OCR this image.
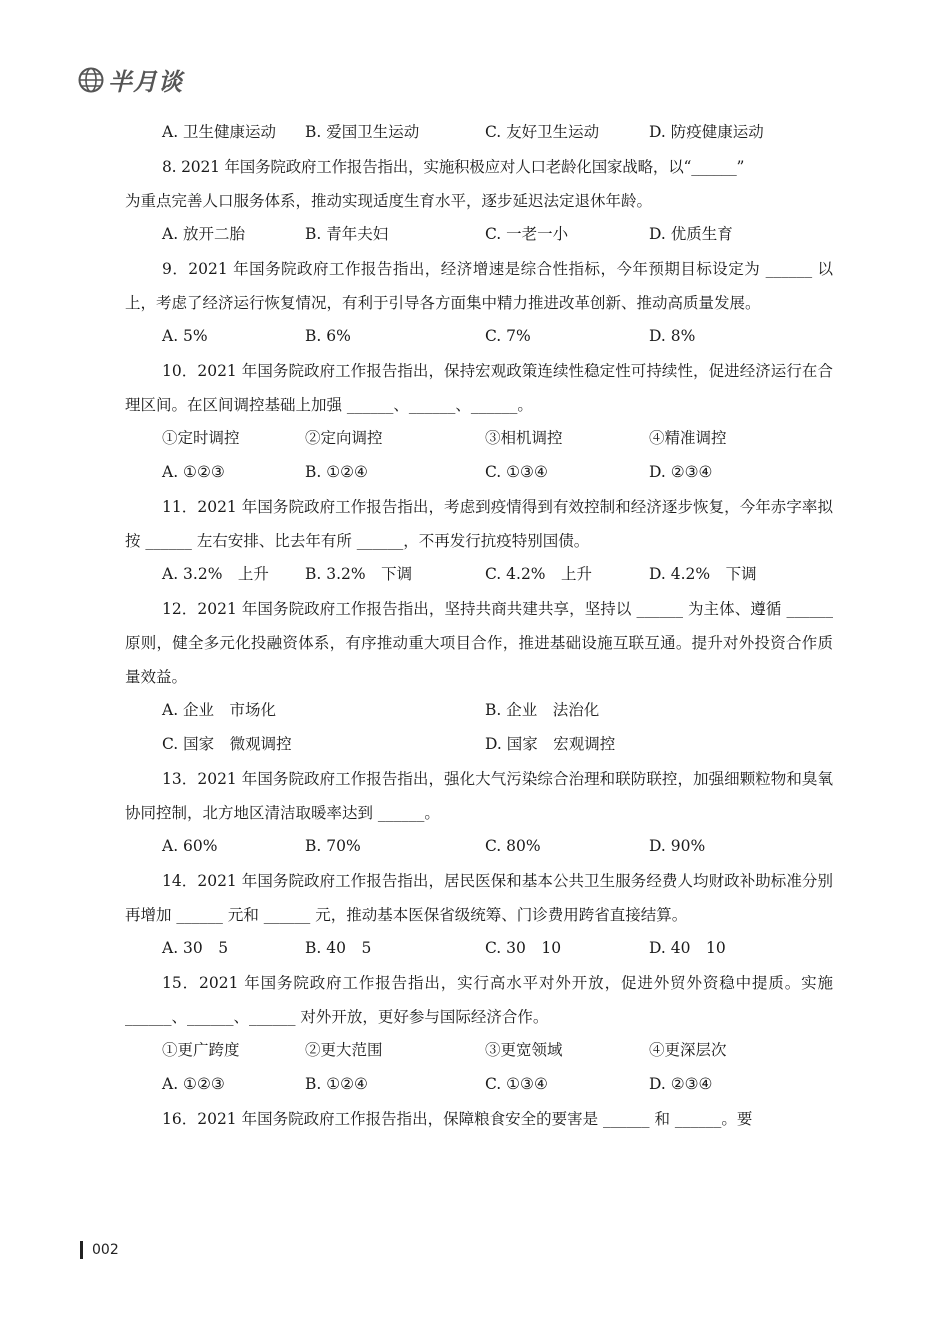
半月谈
A. 卫生健康运动	B. 爱国卫生运动	C. 友好卫生运动	D. 防疫健康运动

8. 2021 年国务院政府工作报告指出，实施积极应对人口老龄化国家战略，以“______”

为重点完善人口服务体系，推动实现适度生育水平，逐步延迟法定退休年龄。

A. 放开二胎	B. 青年夫妇	C. 一老一小	D. 优质生育

9．2021 年国务院政府工作报告指出，经济增速是综合性指标，今年预期目标设定为 ______ 以上，考虑了经济运行恢复情况，有利于引导各方面集中精力推进改革创新、推动高质量发展。

A. 5%	B. 6%	C. 7%	D. 8%

10．2021 年国务院政府工作报告指出，保持宏观政策连续性稳定性可持续性，促进经济运行在合理区间。在区间调控基础上加强 ______、______、______。

①定时调控	②定向调控	③相机调控	④精准调控
A. ①②③	B. ①②④	C. ①③④	D. ②③④

11．2021 年国务院政府工作报告指出，考虑到疫情得到有效控制和经济逐步恢复，今年赤字率拟按 ______ 左右安排、比去年有所 ______，不再发行抗疫特别国债。

A. 3.2%　上升	B. 3.2%　下调	C. 4.2%　上升	D. 4.2%　下调

12．2021 年国务院政府工作报告指出，坚持共商共建共享，坚持以 ______ 为主体、遵循 ______原则，健全多元化投融资体系，有序推动重大项目合作，推进基础设施互联互通。提升对外投资合作质量效益。

A. 企业　市场化	B. 企业　法治化
C. 国家　微观调控	D. 国家　宏观调控

13．2021 年国务院政府工作报告指出，强化大气污染综合治理和联防联控，加强细颗粒物和臭氧协同控制，北方地区清洁取暖率达到 ______。

A. 60%	B. 70%	C. 80%	D. 90%

14．2021 年国务院政府工作报告指出，居民医保和基本公共卫生服务经费人均财政补助标准分别再增加 ______ 元和 ______ 元，推动基本医保省级统筹、门诊费用跨省直接结算。

A. 30　5	B. 40　5	C. 30　10	D. 40　10

15．2021 年国务院政府工作报告指出，实行高水平对外开放，促进外贸外资稳中提质。实施 ______、______、______ 对外开放，更好参与国际经济合作。

①更广跨度	②更大范围	③更宽领域	④更深层次
A. ①②③	B. ①②④	C. ①③④	D. ②③④

16．2021 年国务院政府工作报告指出，保障粮食安全的要害是 ______ 和 ______。要

002
